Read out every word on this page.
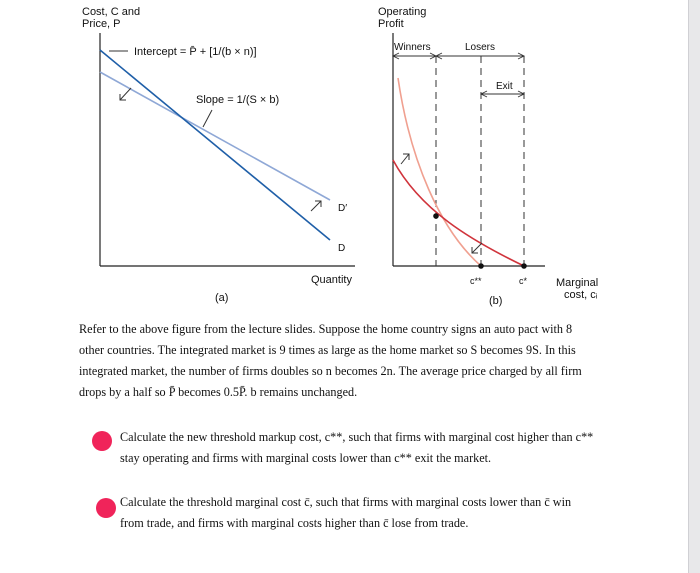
Cost, C and
Price, P
Intercept = P̄ + [1/(b × n)]
Slope = 1/(S × b)
D′
D
Quantity
(a)
Operating
Profit
Winners	Losers
Exit
c**	c*	Marginal
cost, cᵢ
(b)
Refer to the above figure from the lecture slides. Suppose the home country signs an auto pact with 8
other countries. The integrated market is 9 times as large as the home market so S becomes 9S. In this
integrated market, the number of firms doubles so n becomes 2n. The average price charged by all firm
drops by a half so P̄ becomes 0.5P̄. b remains unchanged.
Calculate the new threshold markup cost, c**, such that firms with marginal cost higher than c**
stay operating and firms with marginal costs lower than c** exit the market.
Calculate the threshold marginal cost c̄, such that firms with marginal costs lower than c̄ win
from trade, and firms with marginal costs higher than c̄ lose from trade.
